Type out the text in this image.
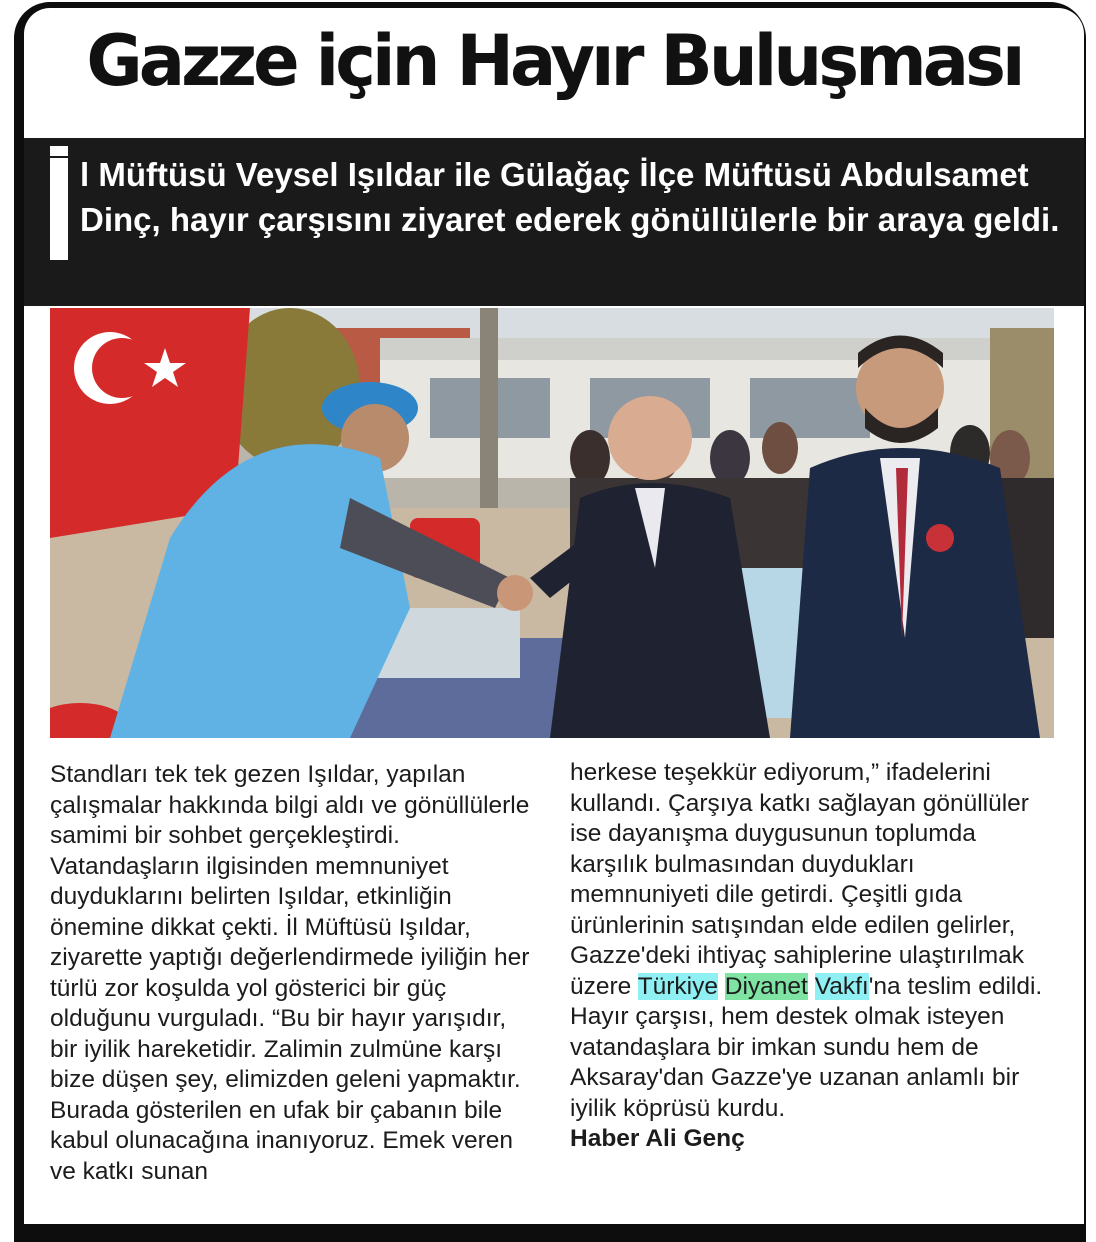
Gazze için Hayır Buluşması

l Müftüsü Veysel Işıldar ile Gülağaç İlçe Müftüsü Abdulsamet Dinç, hayır çarşısını ziyaret ederek gönüllülerle bir araya geldi.

Standları tek tek gezen Işıldar, yapılan çalışmalar hakkında bilgi aldı ve gönüllülerle samimi bir sohbet gerçekleştirdi. Vatandaşların ilgisinden memnuniyet duyduklarını belirten Işıldar, etkinliğin önemine dikkat çekti. İl Müftüsü Işıldar, ziyarette yaptığı değerlendirmede iyiliğin her türlü zor koşulda yol gösterici bir güç olduğunu vurguladı. “Bu bir hayır yarışıdır, bir iyilik hareketidir. Zalimin zulmüne karşı bize düşen şey, elimizden geleni yapmaktır. Burada gösterilen en ufak bir çabanın bile kabul olunacağına inanıyoruz. Emek veren ve katkı sunan

herkese teşekkür ediyorum,” ifadelerini kullandı. Çarşıya katkı sağlayan gönüllüler ise dayanışma duygusunun toplumda karşılık bulmasından duydukları memnuniyeti dile getirdi. Çeşitli gıda ürünlerinin satışından elde edilen gelirler, Gazze'deki ihtiyaç sahiplerine ulaştırılmak üzere Türkiye Diyanet Vakfı'na teslim edildi. Hayır çarşısı, hem destek olmak isteyen vatandaşlara bir imkan sundu hem de Aksaray'dan Gazze'ye uzanan anlamlı bir iyilik köprüsü kurdu.
Haber Ali Genç
